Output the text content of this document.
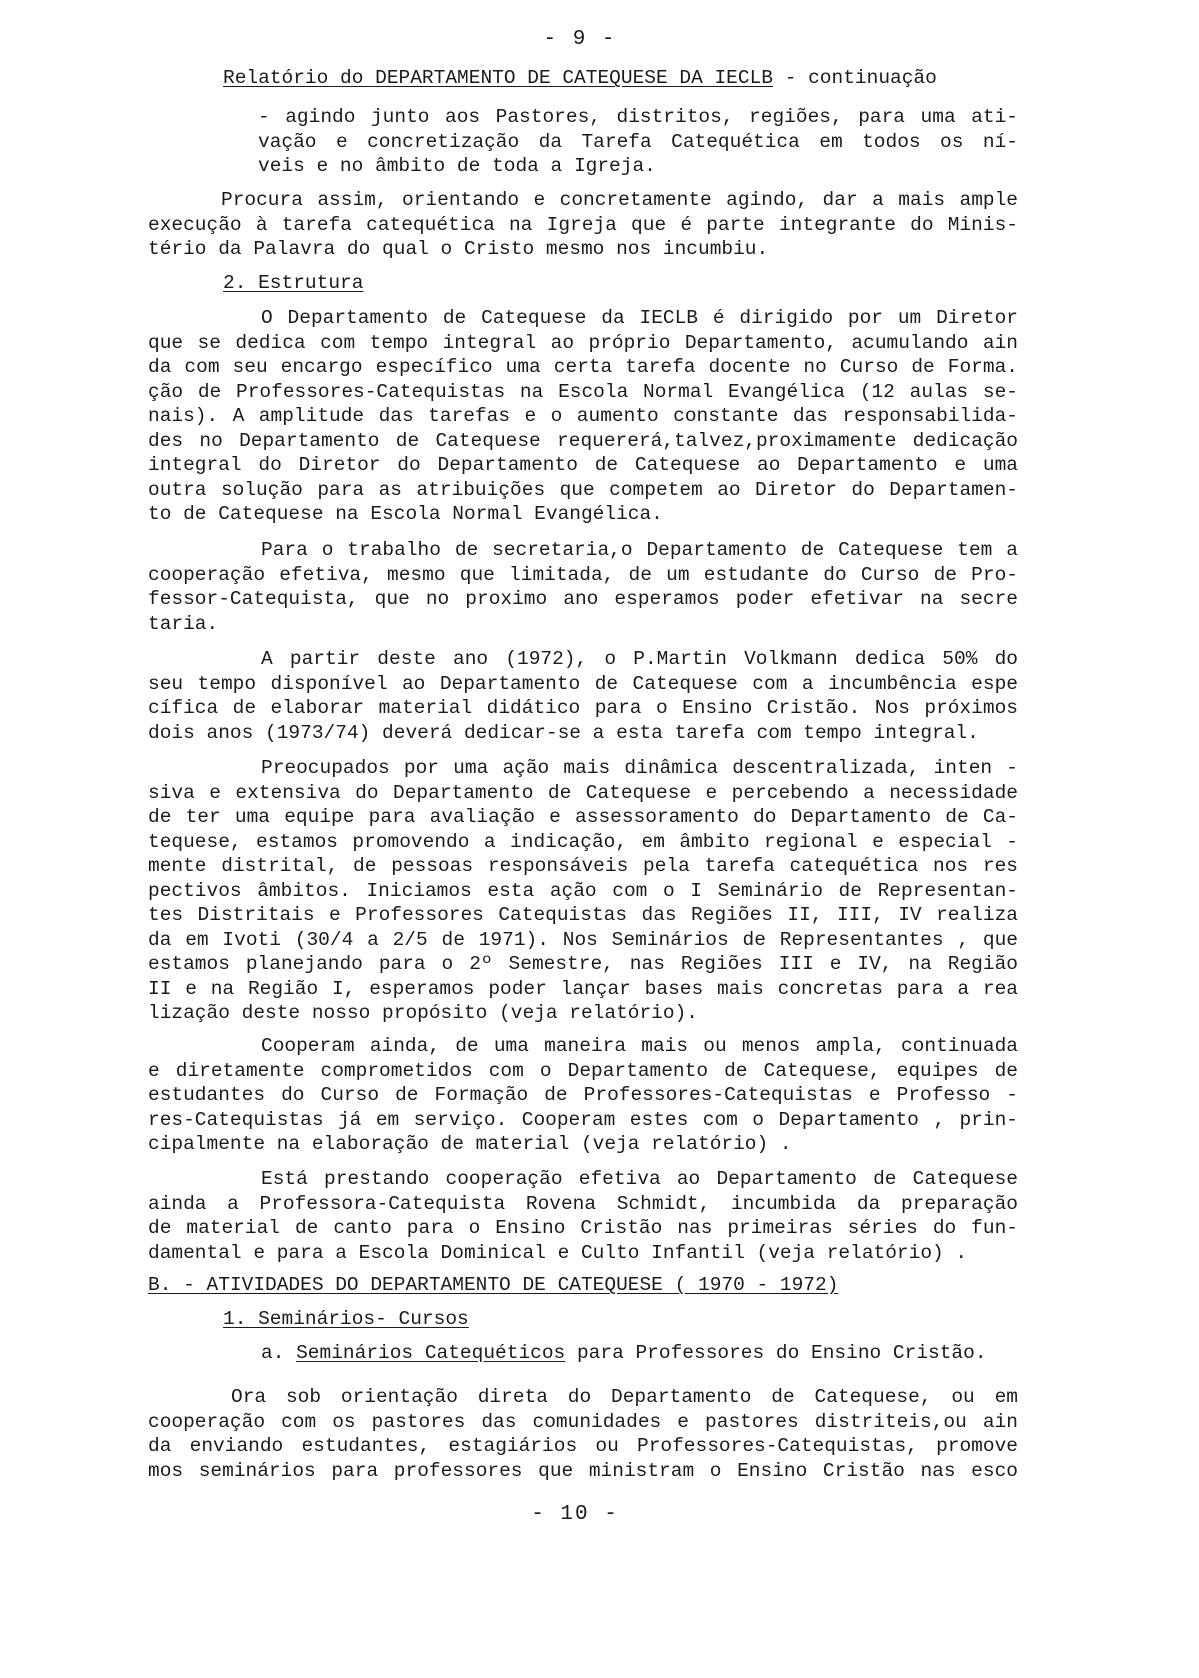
- 9 -
Relatório do DEPARTAMENTO DE CATEQUESE DA IECLB - continuação
- agindo junto aos Pastores, distritos, regiões, para uma ati-
vação e concretização da Tarefa Catequética em todos os ní-
veis e no âmbito de toda a Igreja.
Procura assim, orientando e concretamente agindo, dar a mais ample
execução à tarefa catequética na Igreja que é parte integrante do Minis-
tério da Palavra do qual o Cristo mesmo nos incumbiu.
2. Estrutura
O Departamento de Catequese da IECLB é dirigido por um Diretor
que se dedica com tempo integral ao próprio Departamento, acumulando ain
da com seu encargo específico uma certa tarefa docente no Curso de Forma.
ção de Professores-Catequistas na Escola Normal Evangélica (12 aulas se-
nais). A amplitude das tarefas e o aumento constante das responsabilida-
des no Departamento de Catequese requererá,talvez,proximamente dedicação
integral do Diretor do Departamento de Catequese ao Departamento e uma
outra solução para as atribuições que competem ao Diretor do Departamen-
to de Catequese na Escola Normal Evangélica.
Para o trabalho de secretaria,o Departamento de Catequese tem a
cooperação efetiva, mesmo que limitada, de um estudante do Curso de Pro-
fessor-Catequista, que no proximo ano esperamos poder efetivar na secre
taria.
A partir deste ano (1972), o P.Martin Volkmann dedica 50% do
seu tempo disponível ao Departamento de Catequese com a incumbência espe
cífica de elaborar material didático para o Ensino Cristão. Nos próximos
dois anos (1973/74) deverá dedicar-se a esta tarefa com tempo integral.
Preocupados por uma ação mais dinâmica descentralizada, inten -
siva e extensiva do Departamento de Catequese e percebendo a necessidade
de ter uma equipe para avaliação e assessoramento do Departamento de Ca-
tequese, estamos promovendo a indicação, em âmbito regional e especial -
mente distrital, de pessoas responsáveis pela tarefa catequética nos res
pectivos âmbitos. Iniciamos esta ação com o I Seminário de Representan-
tes Distritais e Professores Catequistas das Regiões II, III, IV realiza
da em Ivoti (30/4 a 2/5 de 1971). Nos Seminários de Representantes , que
estamos planejando para o 2º Semestre, nas Regiões III e IV, na Região
II e na Região I, esperamos poder lançar bases mais concretas para a rea
lização deste nosso propósito (veja relatório).
Cooperam ainda, de uma maneira mais ou menos ampla, continuada
e diretamente comprometidos com o Departamento de Catequese, equipes de
estudantes do Curso de Formação de Professores-Catequistas e Professo -
res-Catequistas já em serviço. Cooperam estes com o Departamento , prin-
cipalmente na elaboração de material (veja relatório) .
Está prestando cooperação efetiva ao Departamento de Catequese
ainda a Professora-Catequista Rovena Schmidt, incumbida da preparação
de material de canto para o Ensino Cristão nas primeiras séries do fun-
damental e para a Escola Dominical e Culto Infantil (veja relatório) .
B. - ATIVIDADES DO DEPARTAMENTO DE CATEQUESE ( 1970 - 1972)
1. Seminários- Cursos
a. Seminários Catequéticos para Professores do Ensino Cristão.
Ora sob orientação direta do Departamento de Catequese, ou em
cooperação com os pastores das comunidades e pastores distriteis,ou ain
da enviando estudantes, estagiários ou Professores-Catequistas, promove
mos seminários para professores que ministram o Ensino Cristão nas esco
- 10 -
